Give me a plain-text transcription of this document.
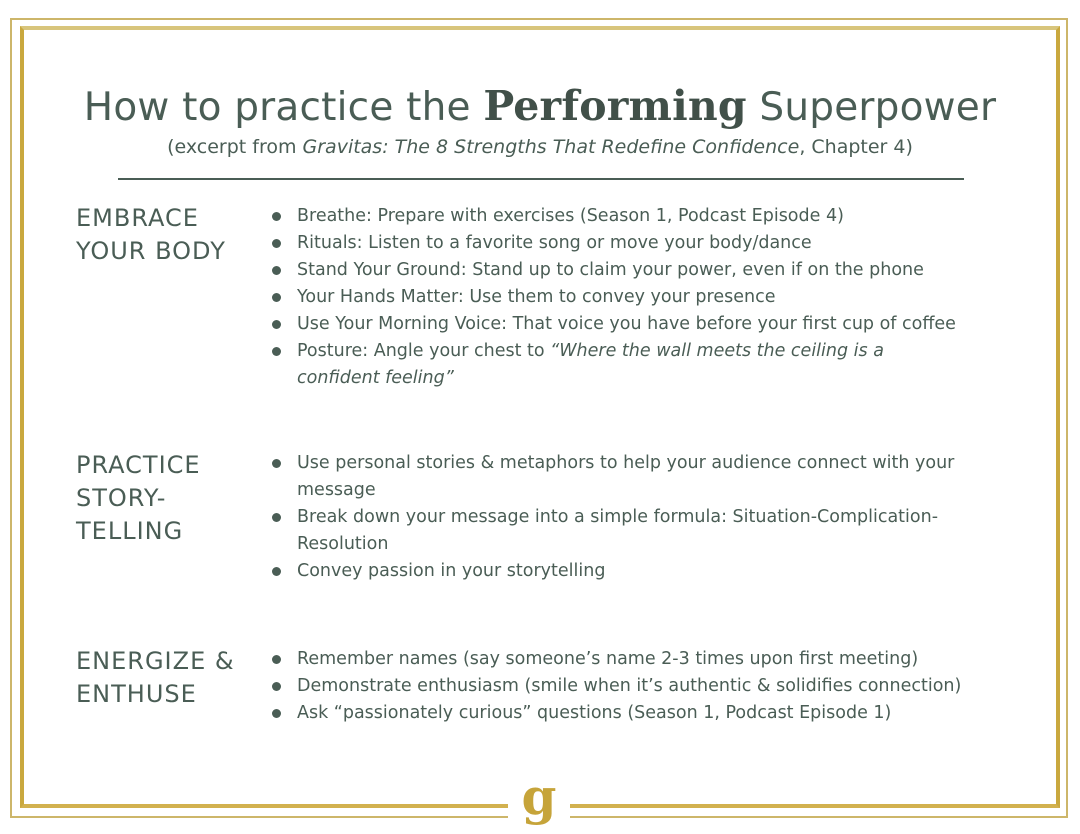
g
How to practice the Performing Superpower
(excerpt from Gravitas: The 8 Strengths That Redefine Confidence, Chapter 4)
EMBRACE
YOUR BODY
Breathe: Prepare with exercises (Season 1, Podcast Episode 4)
Rituals: Listen to a favorite song or move your body/dance
Stand Your Ground: Stand up to claim your power, even if on the phone
Your Hands Matter: Use them to convey your presence
Use Your Morning Voice: That voice you have before your first cup of coffee
Posture: Angle your chest to “Where the wall meets the ceiling is a confident feeling”
PRACTICE
STORY-
TELLING
Use personal stories & metaphors to help your audience connect with your message
Break down your message into a simple formula: Situation-Complication-Resolution
Convey passion in your storytelling
ENERGIZE &
ENTHUSE
Remember names (say someone’s name 2-3 times upon first meeting)
Demonstrate enthusiasm (smile when it’s authentic & solidifies connection)
Ask “passionately curious” questions (Season 1, Podcast Episode 1)
